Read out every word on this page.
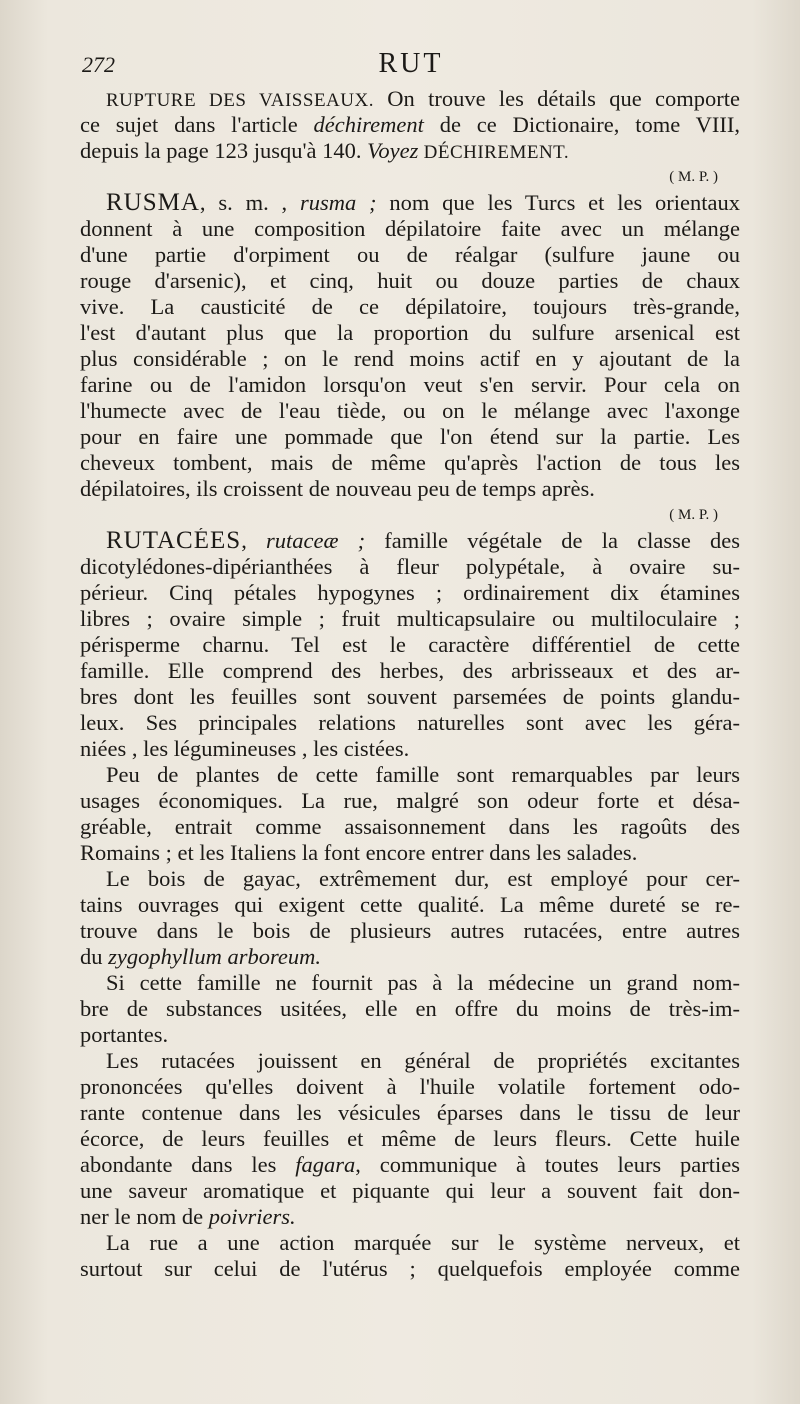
272	RUT
RUPTURE DES VAISSEAUX. On trouve les détails que comporte
ce sujet dans l'article déchirement de ce Dictionaire, tome VIII,
depuis la page 123 jusqu'à 140. Voyez DÉCHIREMENT.
( M. P. )
RUSMA, s. m. , rusma ; nom que les Turcs et les orientaux
donnent à une composition dépilatoire faite avec un mélange
d'une partie d'orpiment ou de réalgar (sulfure jaune ou
rouge d'arsenic), et cinq, huit ou douze parties de chaux
vive. La causticité de ce dépilatoire, toujours très-grande,
l'est d'autant plus que la proportion du sulfure arsenical est
plus considérable ; on le rend moins actif en y ajoutant de la
farine ou de l'amidon lorsqu'on veut s'en servir. Pour cela on
l'humecte avec de l'eau tiède, ou on le mélange avec l'axonge
pour en faire une pommade que l'on étend sur la partie. Les
cheveux tombent, mais de même qu'après l'action de tous les
dépilatoires, ils croissent de nouveau peu de temps après.
( M. P. )
RUTACÉES, rutaceæ ; famille végétale de la classe des
dicotylédones-dipérianthées à fleur polypétale, à ovaire su-
périeur. Cinq pétales hypogynes ; ordinairement dix étamines
libres ; ovaire simple ; fruit multicapsulaire ou multiloculaire ;
périsperme charnu. Tel est le caractère différentiel de cette
famille. Elle comprend des herbes, des arbrisseaux et des ar-
bres dont les feuilles sont souvent parsemées de points glandu-
leux. Ses principales relations naturelles sont avec les géra-
niées , les légumineuses , les cistées.
Peu de plantes de cette famille sont remarquables par leurs
usages économiques. La rue, malgré son odeur forte et désa-
gréable, entrait comme assaisonnement dans les ragoûts des
Romains ; et les Italiens la font encore entrer dans les salades.
Le bois de gayac, extrêmement dur, est employé pour cer-
tains ouvrages qui exigent cette qualité. La même dureté se re-
trouve dans le bois de plusieurs autres rutacées, entre autres
du zygophyllum arboreum.
Si cette famille ne fournit pas à la médecine un grand nom-
bre de substances usitées, elle en offre du moins de très-im-
portantes.
Les rutacées jouissent en général de propriétés excitantes
prononcées qu'elles doivent à l'huile volatile fortement odo-
rante contenue dans les vésicules éparses dans le tissu de leur
écorce, de leurs feuilles et même de leurs fleurs. Cette huile
abondante dans les fagara, communique à toutes leurs parties
une saveur aromatique et piquante qui leur a souvent fait don-
ner le nom de poivriers.
La rue a une action marquée sur le système nerveux, et
surtout sur celui de l'utérus ; quelquefois employée comme
